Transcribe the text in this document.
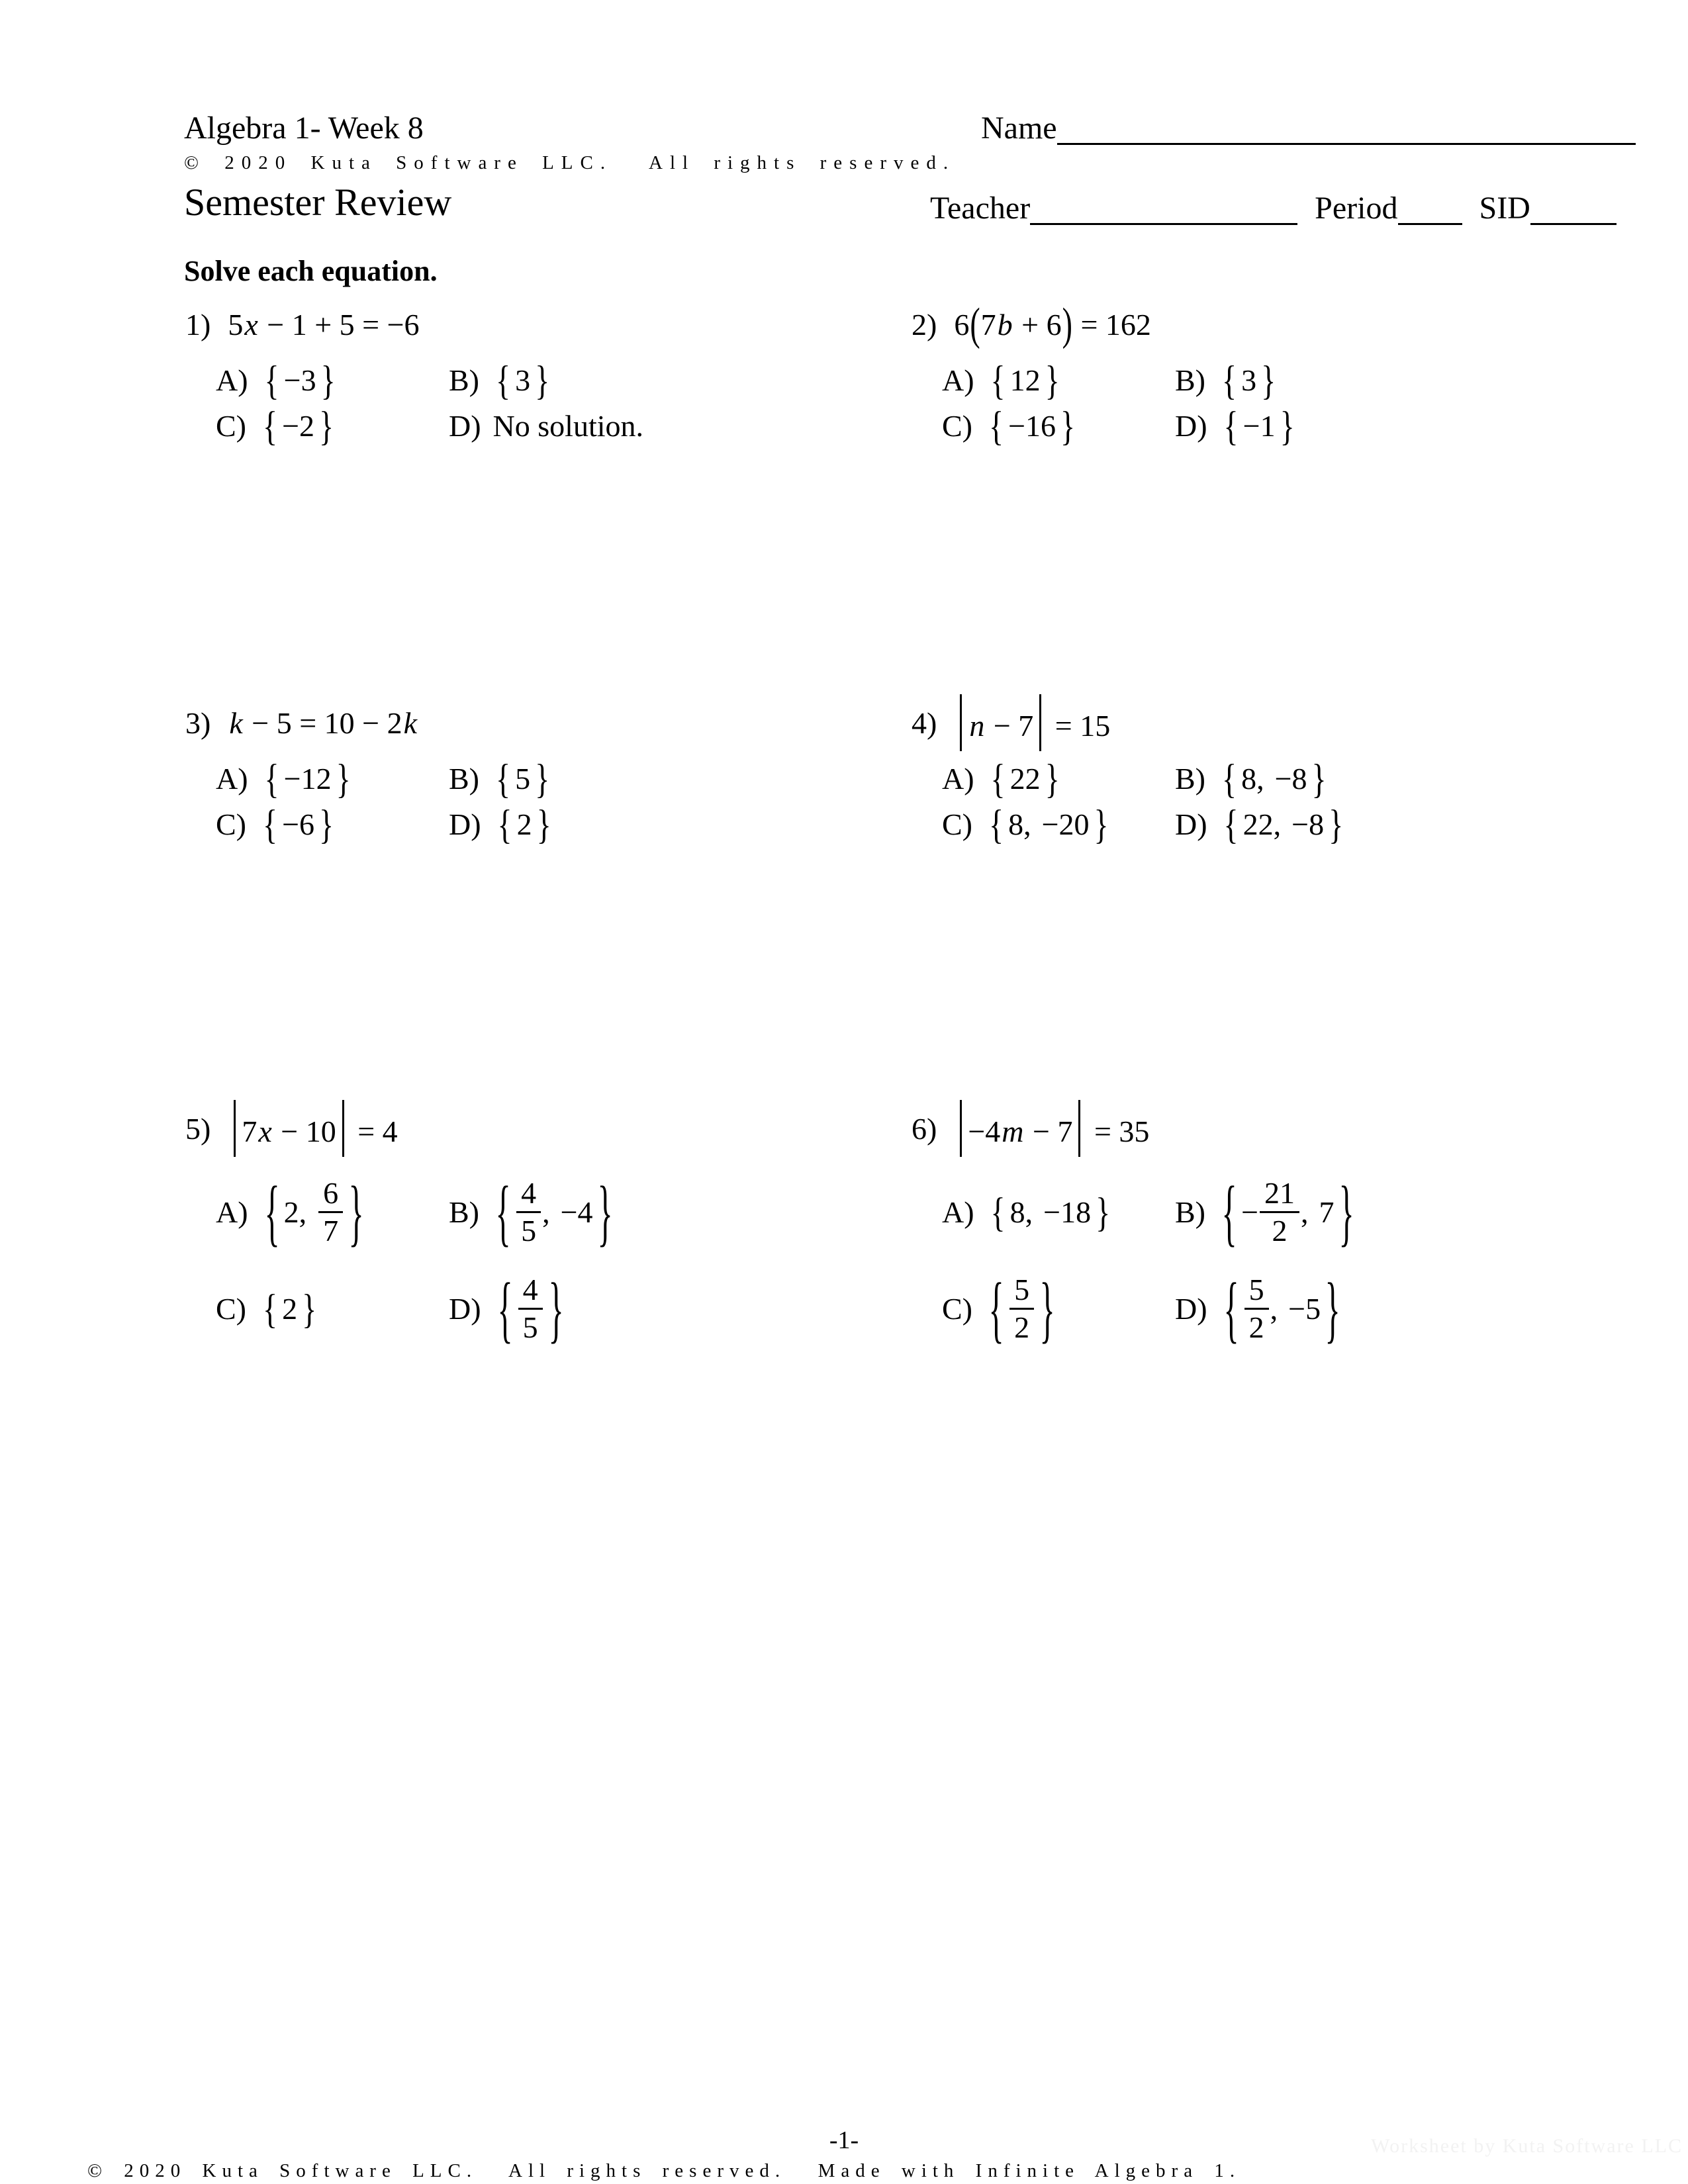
Algebra 1- Week 8
© 2020 Kuta Software LLC.  All rights reserved.
Semester Review
Name
Teacher	Period	SID
Solve each equation.
1) 5x − 1 + 5 = −6
A) { −3 }	B) { 3 }
C) { −2 }	D) No solution.
2) 6(7b + 6) = 162
A) { 12 }	B) { 3 }
C) { −16 }	D) { −1 }
3) k − 5 = 10 − 2k
A) { −12 }	B) { 5 }
C) { −6 }	D) { 2 }
4)	n − 7 = 15
A) { 22 }	B) { 8 , −8 }
C) { 8 , −20 } D) { 22 , −8 }
5)	7x − 10 = 4
A) { 2 , $\frac{6}{7}$ }	B) { $\frac{4}{5}$ , −4 }
C) { 2 }	D) { $\frac{4}{5}$ }
6)	−4m − 7 = 35
A) { 8 , −18 } B) { − $\frac{21}{2}$ , 7 }
C) { $\frac{5}{2}$ }	D) { $\frac{5}{2}$ , −5 }
-1-
© 2020 Kuta Software LLC.  All rights reserved.  Made with Infinite Algebra 1.
Worksheet by Kuta Software LLC
